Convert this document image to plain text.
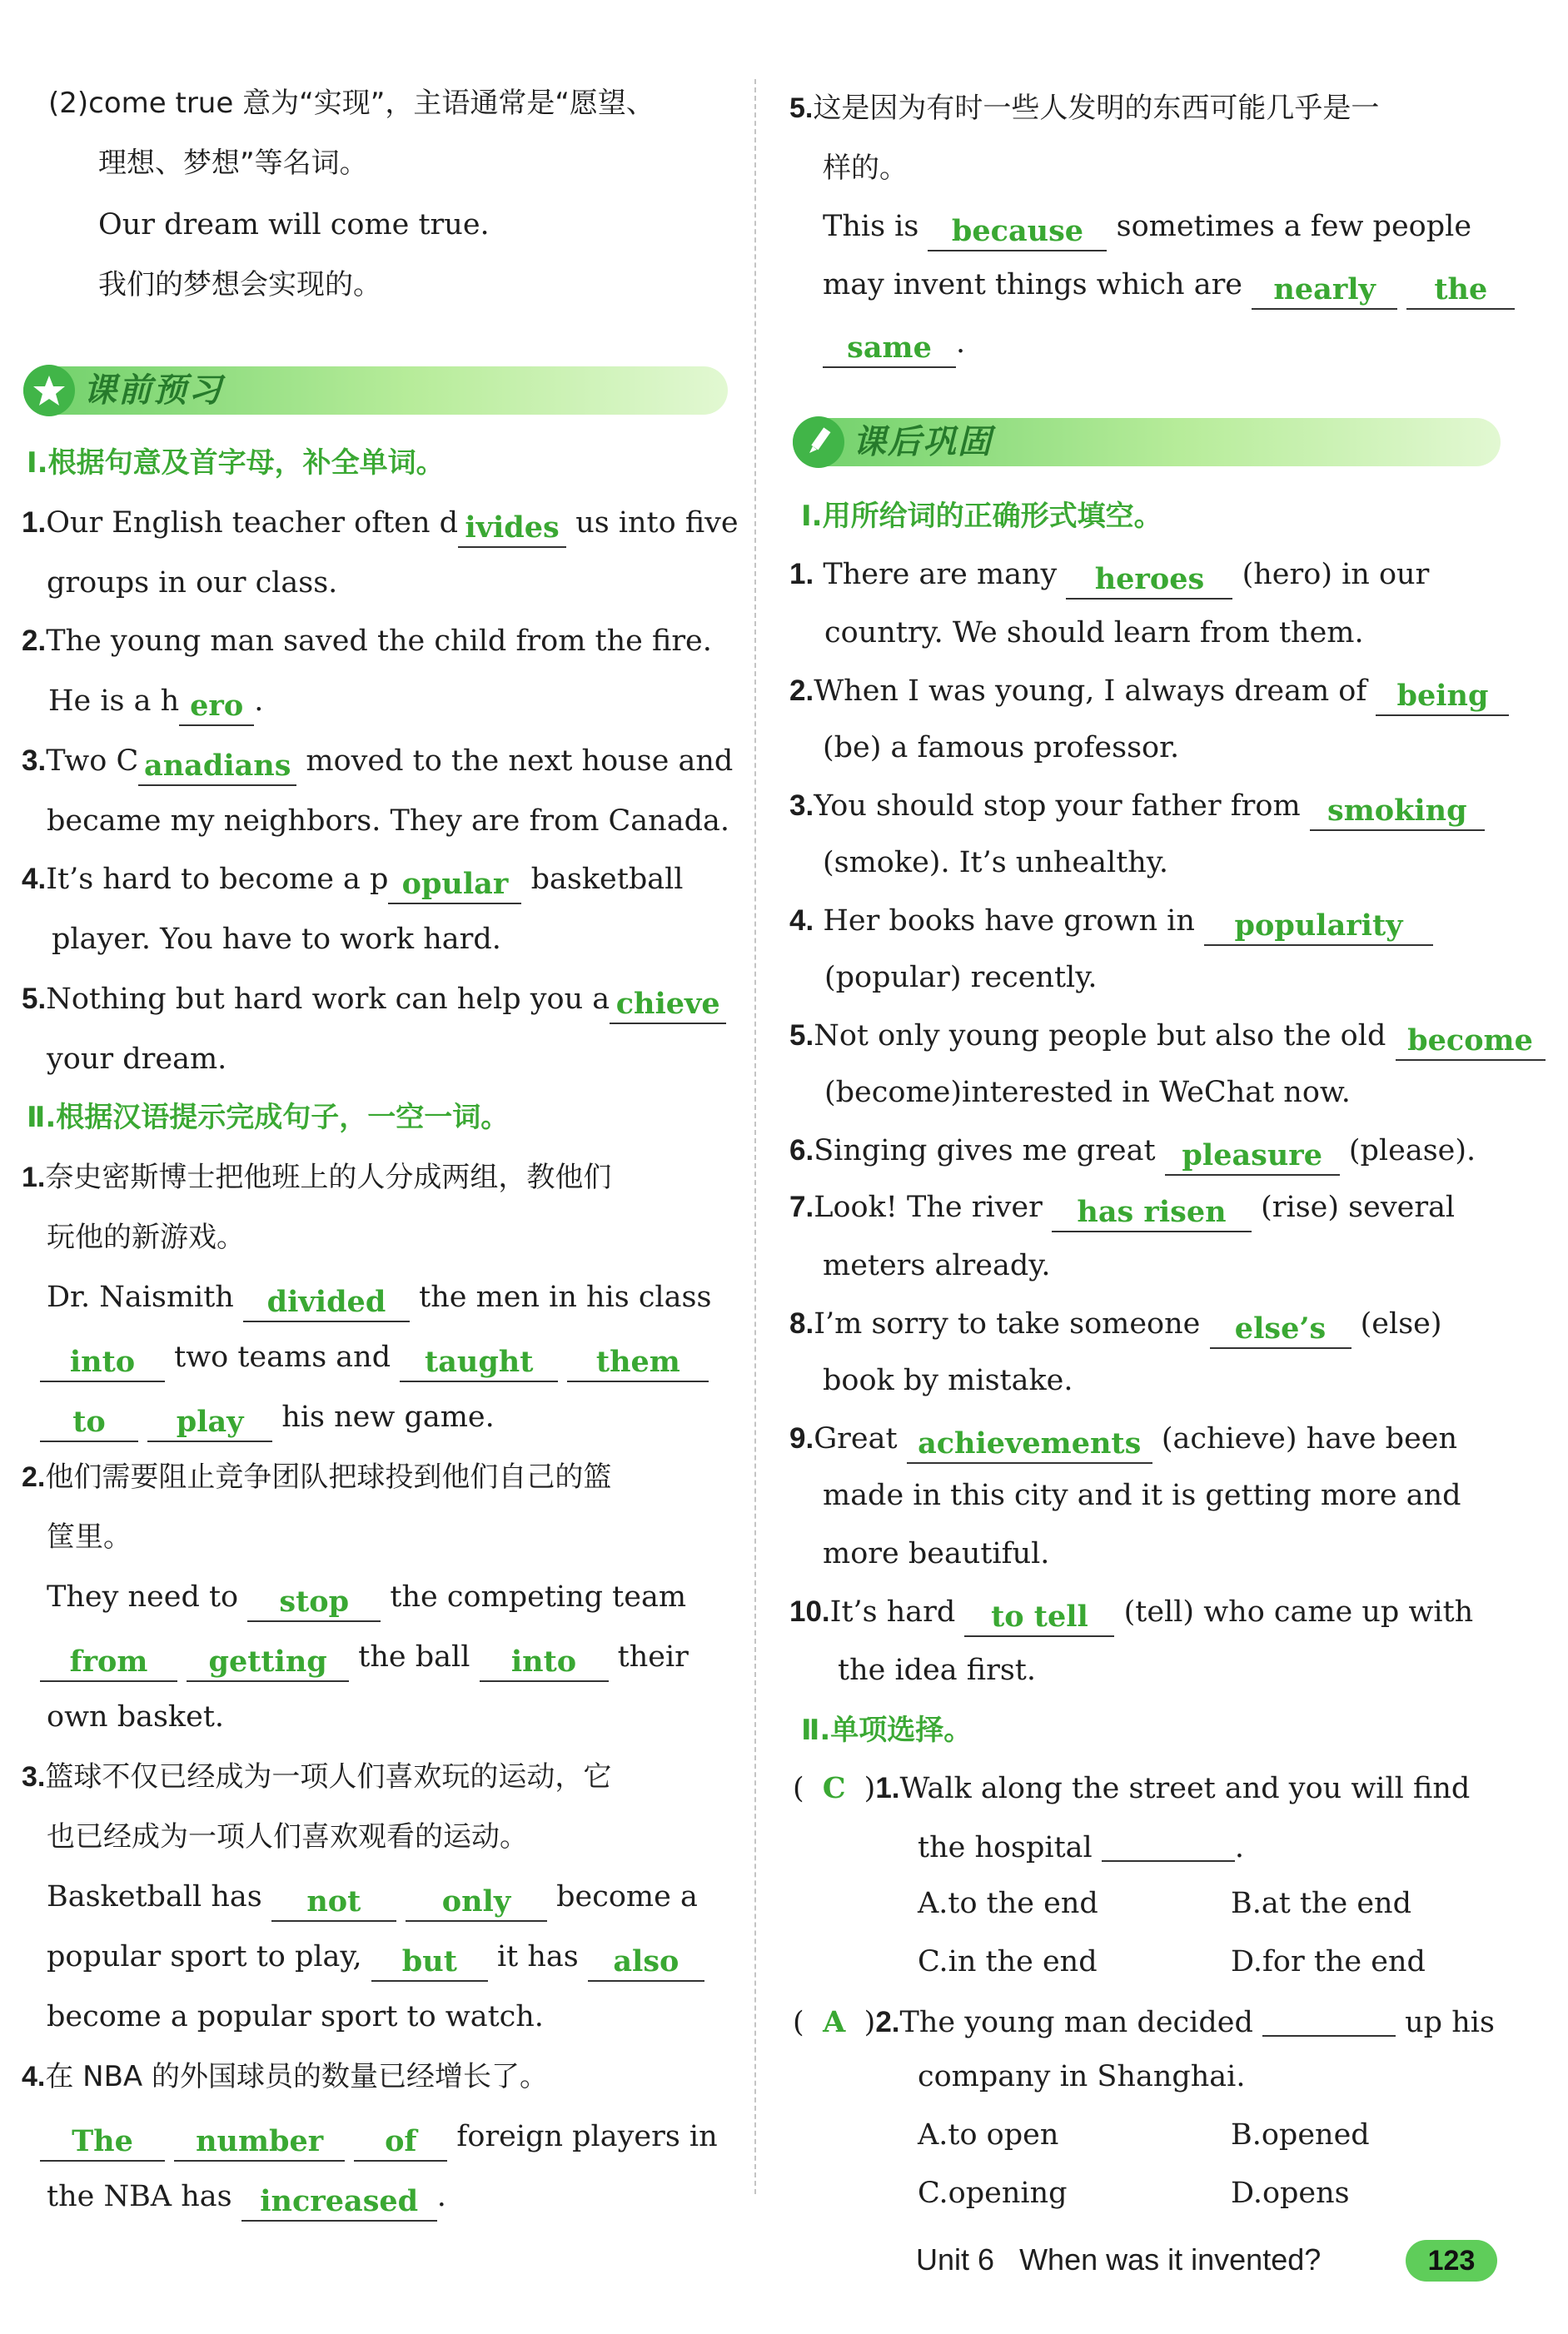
(2)come true 意为“实现”，主语通常是“愿望、
理想、梦想”等名词。
Our dream will come true.
我们的梦想会实现的。
课前预习
Ⅰ.根据句意及首字母，补全单词。
1.Our English teacher often d ivides us into five
groups in our class.
2.The young man saved the child from the fire.
He is a h ero .
3.Two C anadians moved to the next house and
became my neighbors. They are from Canada.
4.It’s hard to become a p opular basketball
player. You have to work hard.
5.Nothing but hard work can help you a chieve
your dream.
Ⅱ.根据汉语提示完成句子，一空一词。
1.奈史密斯博士把他班上的人分成两组，教他们
玩他的新游戏。
Dr. Naismith divided the men in his class
into two teams and taught them
to play his new game.
2.他们需要阻止竞争团队把球投到他们自己的篮
筐里。
They need to stop the competing team
from getting the ball into their
own basket.
3.篮球不仅已经成为一项人们喜欢玩的运动，它
也已经成为一项人们喜欢观看的运动。
Basketball has not	only become a
popular sport to play, but it has also
become a popular sport to watch.
4.在 NBA 的外国球员的数量已经增长了。
The number of foreign players in
the NBA has increased .
5.这是因为有时一些人发明的东西可能几乎是一
样的。
This is because sometimes a few people
may invent things which are nearly the
same .
课后巩固
Ⅰ.用所给词的正确形式填空。
1. There are many heroes (hero) in our
country. We should learn from them.
2.When I was young, I always dream of being
(be) a famous professor.
3.You should stop your father from smoking
(smoke). It’s unhealthy.
4. Her books have grown in popularity
(popular) recently.
5.Not only young people but also the old become
(become)interested in WeChat now.
6.Singing gives me great pleasure (please).
7.Look! The river has risen (rise) several
meters already.
8.I’m sorry to take someone else’s (else)
book by mistake.
9.Great achievements (achieve) have been
made in this city and it is getting more and
more beautiful.
10.It’s hard to tell (tell) who came up with
the idea first.
Ⅱ.单项选择。
( C )1.Walk along the street and you will find
the hospital	.
A.to the end	B.at the end
C.in the end	D.for the end
( A )2.The young man decided	up his
company in Shanghai.
A.to open	B.opened
C.opening	D.opens
Unit 6 When was it invented?	123
